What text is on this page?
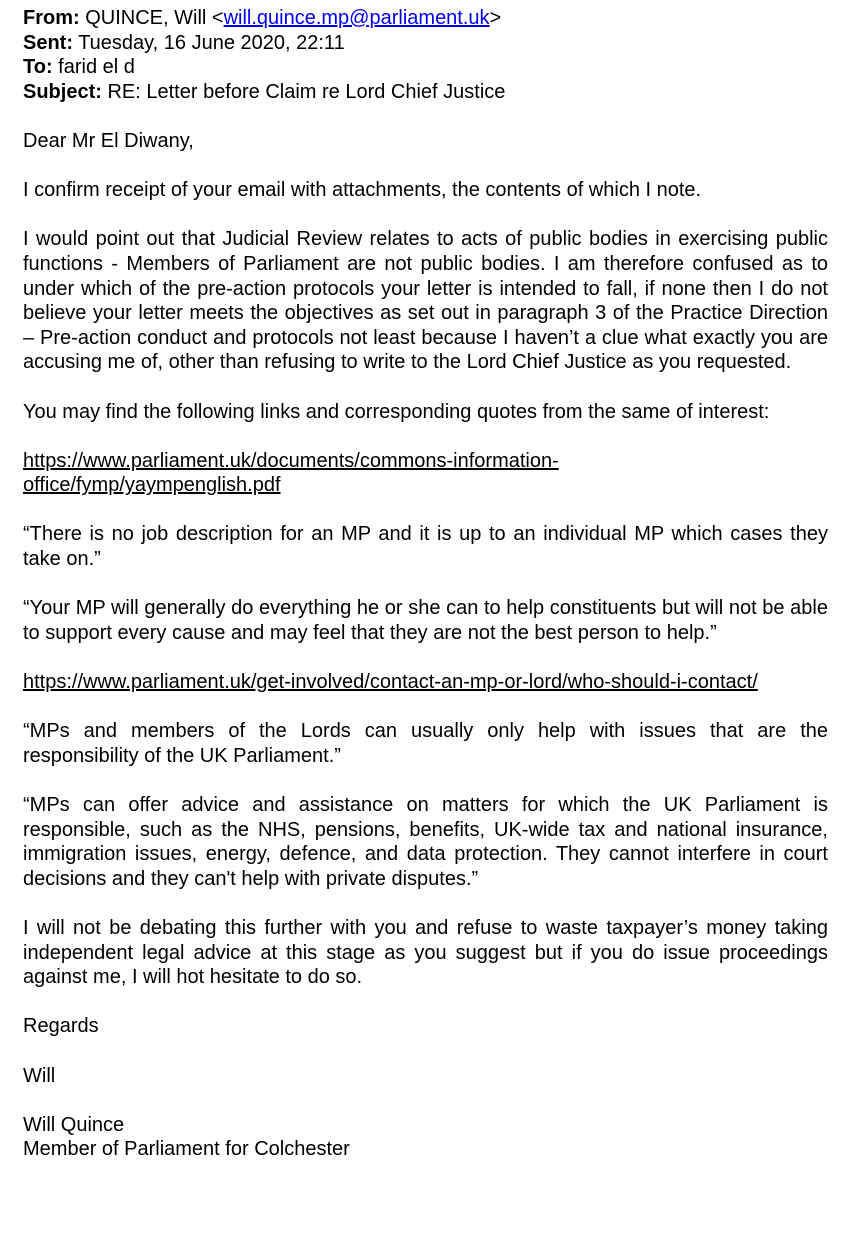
From: QUINCE, Will <will.quince.mp@parliament.uk>
Sent: Tuesday, 16 June 2020, 22:11
To: farid el d
Subject: RE: Letter before Claim re Lord Chief Justice

Dear Mr El Diwany,

I confirm receipt of your email with attachments, the contents of which I note.

I would point out that Judicial Review relates to acts of public bodies in exercising public functions - Members of Parliament are not public bodies. I am therefore confused as to under which of the pre-action protocols your letter is intended to fall, if none then I do not believe your letter meets the objectives as set out in paragraph 3 of the Practice Direction – Pre-action conduct and protocols not least because I haven’t a clue what exactly you are accusing me of, other than refusing to write to the Lord Chief Justice as you requested.

You may find the following links and corresponding quotes from the same of interest:

https://www.parliament.uk/documents/commons-information-
office/fymp/yaympenglish.pdf

“There is no job description for an MP and it is up to an individual MP which cases they take on.”

“Your MP will generally do everything he or she can to help constituents but will not be able to support every cause and may feel that they are not the best person to help.”

https://www.parliament.uk/get-involved/contact-an-mp-or-lord/who-should-i-contact/

“MPs and members of the Lords can usually only help with issues that are the responsibility of the UK Parliament.”

“MPs can offer advice and assistance on matters for which the UK Parliament is responsible, such as the NHS, pensions, benefits, UK-wide tax and national insurance, immigration issues, energy, defence, and data protection. They cannot interfere in court decisions and they can't help with private disputes.”

I will not be debating this further with you and refuse to waste taxpayer’s money taking independent legal advice at this stage as you suggest but if you do issue proceedings against me, I will hot hesitate to do so.

Regards

Will

Will Quince
Member of Parliament for Colchester
